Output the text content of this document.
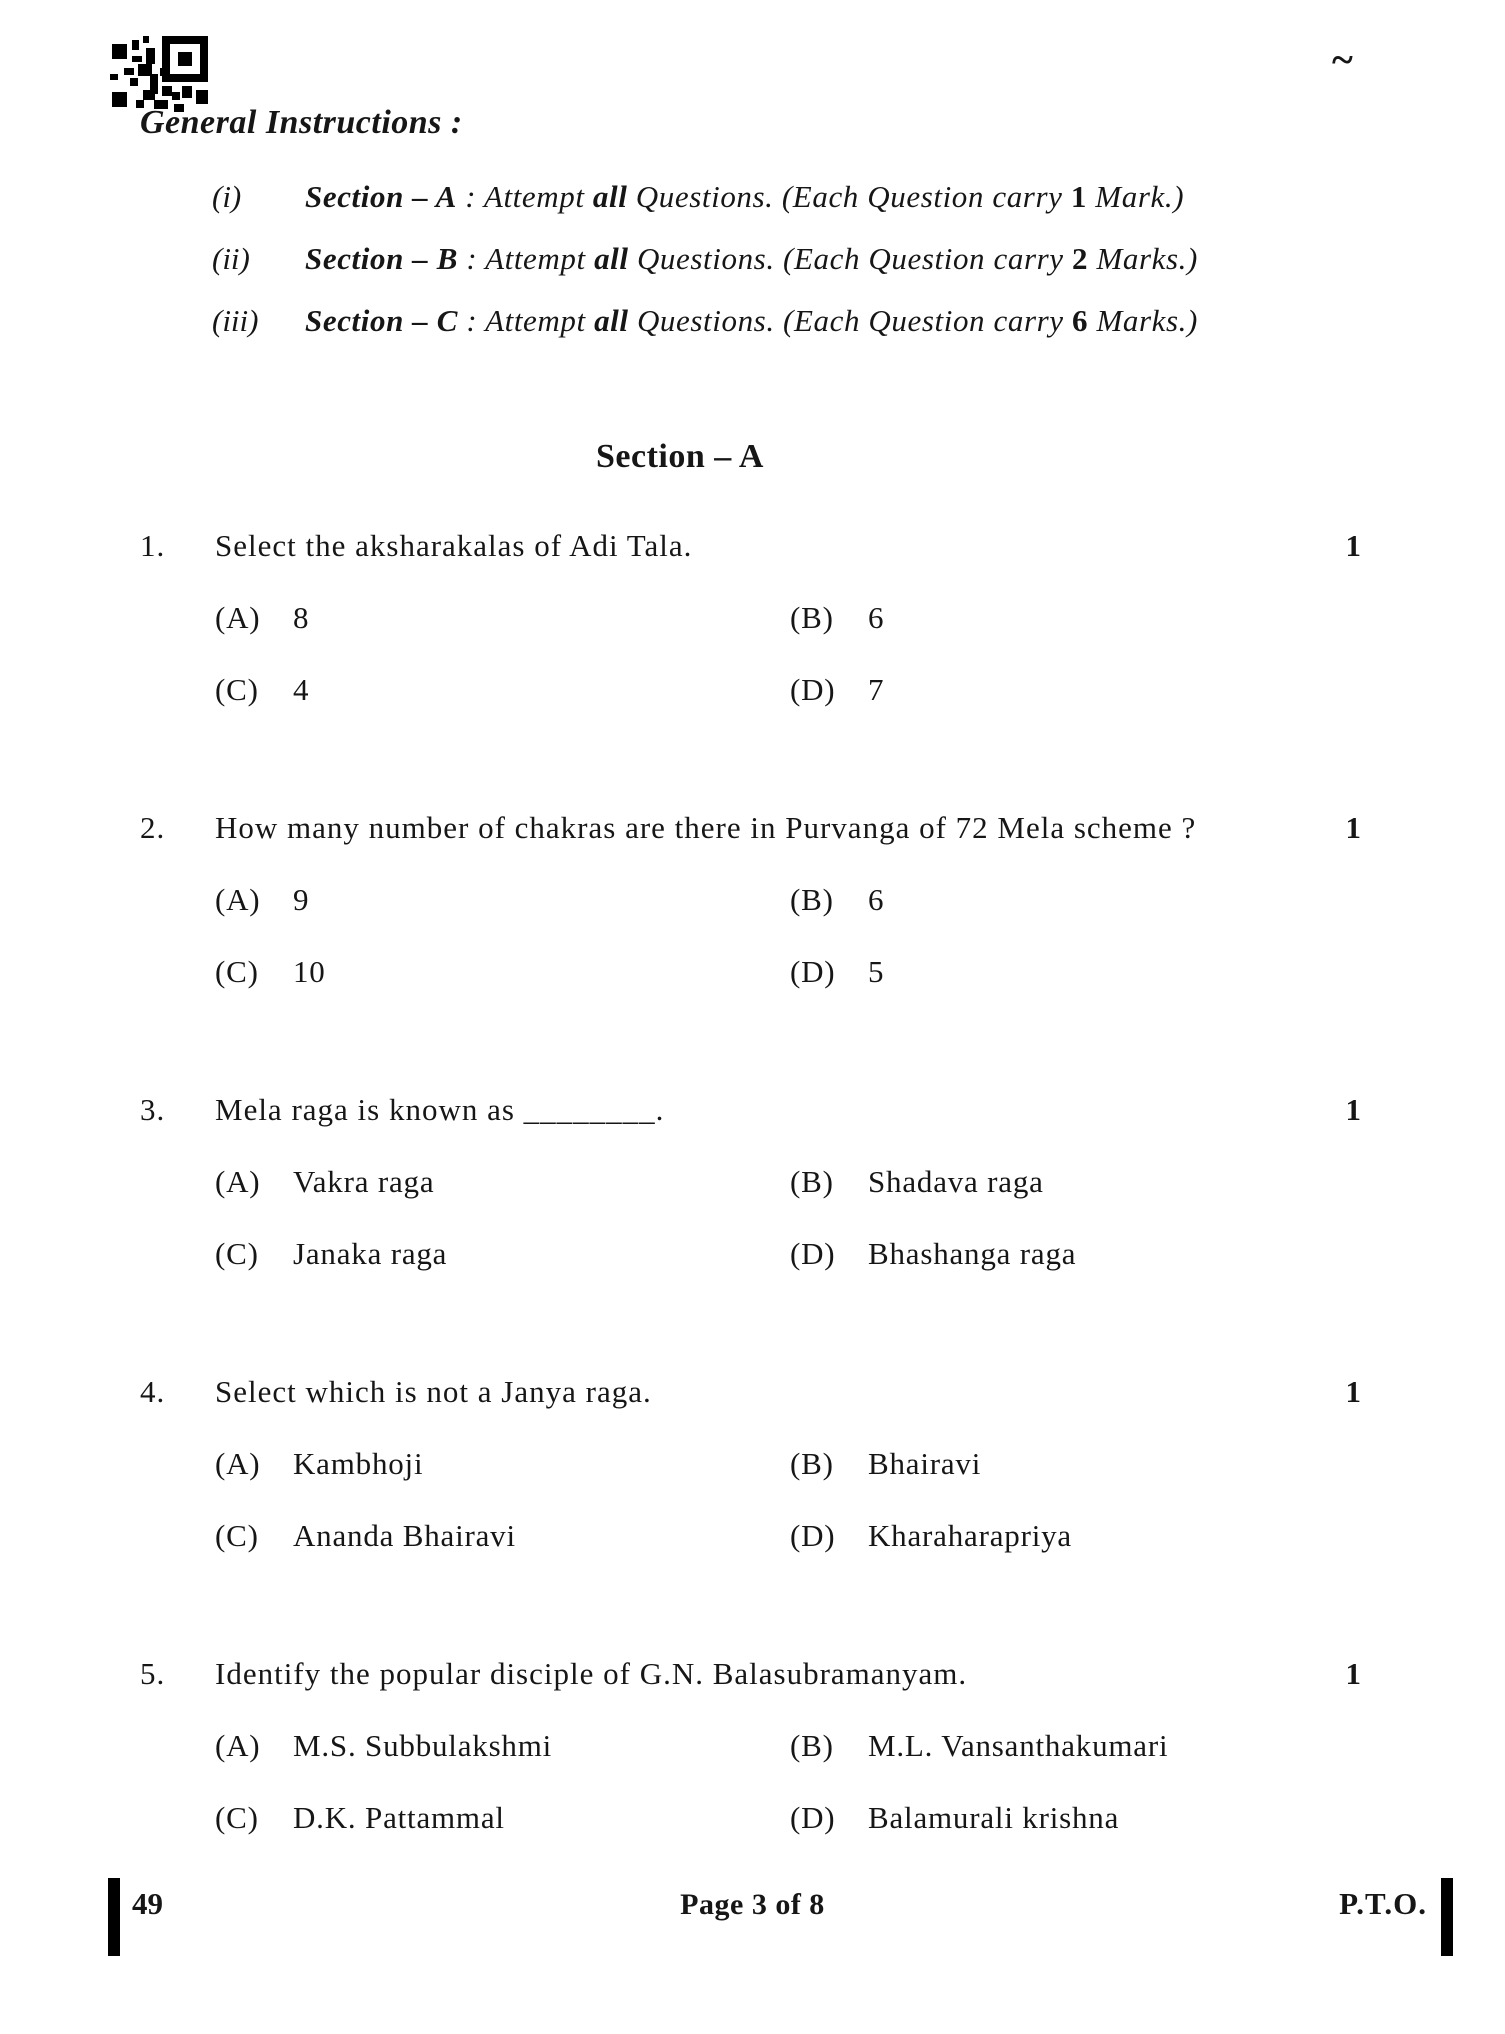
~
General Instructions :
(i)	Section – A : Attempt all Questions. (Each Question carry 1 Mark.)
(ii)	Section – B : Attempt all Questions. (Each Question carry 2 Marks.)
(iii)	Section – C : Attempt all Questions. (Each Question carry 6 Marks.)
Section – A
1.	Select the aksharakalas of Adi Tala.	1
(A)	8	(B)	6
(C)	4	(D)	7
2.	How many number of chakras are there in Purvanga of 72 Mela scheme ?	1
(A)	9	(B)	6
(C)	10	(D)	5
3.	Mela raga is known as ________.	1
(A)	Vakra raga	(B)	Shadava raga
(C)	Janaka raga	(D)	Bhashanga raga
4.	Select which is not a Janya raga.	1
(A)	Kambhoji	(B)	Bhairavi
(C)	Ananda Bhairavi	(D)	Kharaharapriya
5.	Identify the popular disciple of G.N. Balasubramanyam.	1
(A)	M.S. Subbulakshmi	(B)	M.L. Vansanthakumari
(C)	D.K. Pattammal	(D)	Balamurali krishna
49	Page 3 of 8	P.T.O.
